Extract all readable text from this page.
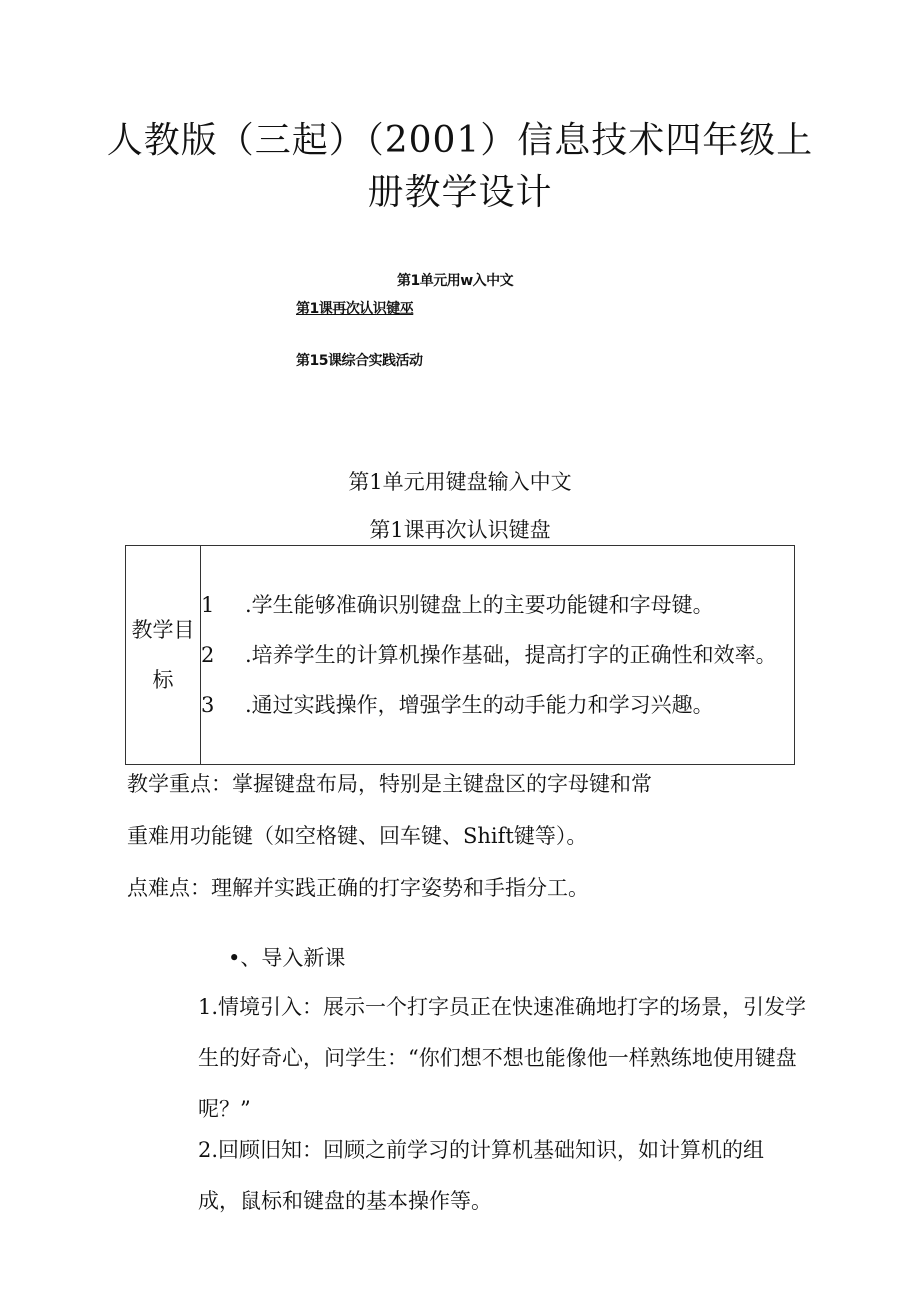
人教版（三起）（2001）信息技术四年级上
册教学设计
第1单元用w入中文
第1课再次认识键巫
第15课综合实践活动
第1单元用键盘输入中文
第1课再次认识键盘
教学目
标

1 .学生能够准确识别键盘上的主要功能键和字母键。
2 .培养学生的计算机操作基础，提高打字的正确性和效率。
3 .通过实践操作，增强学生的动手能力和学习兴趣。
教学重点：掌握键盘布局，特别是主键盘区的字母键和常
重难用功能键（如空格键、回车键、Shift键等）。
点难点：理解并实践正确的打字姿势和手指分工。
•、导入新课
1.情境引入：展示一个打字员正在快速准确地打字的场景，引发学生的好奇心，问学生：“你们想不想也能像他一样熟练地使用键盘呢？”
2.回顾旧知：回顾之前学习的计算机基础知识，如计算机的组成，鼠标和键盘的基本操作等。
